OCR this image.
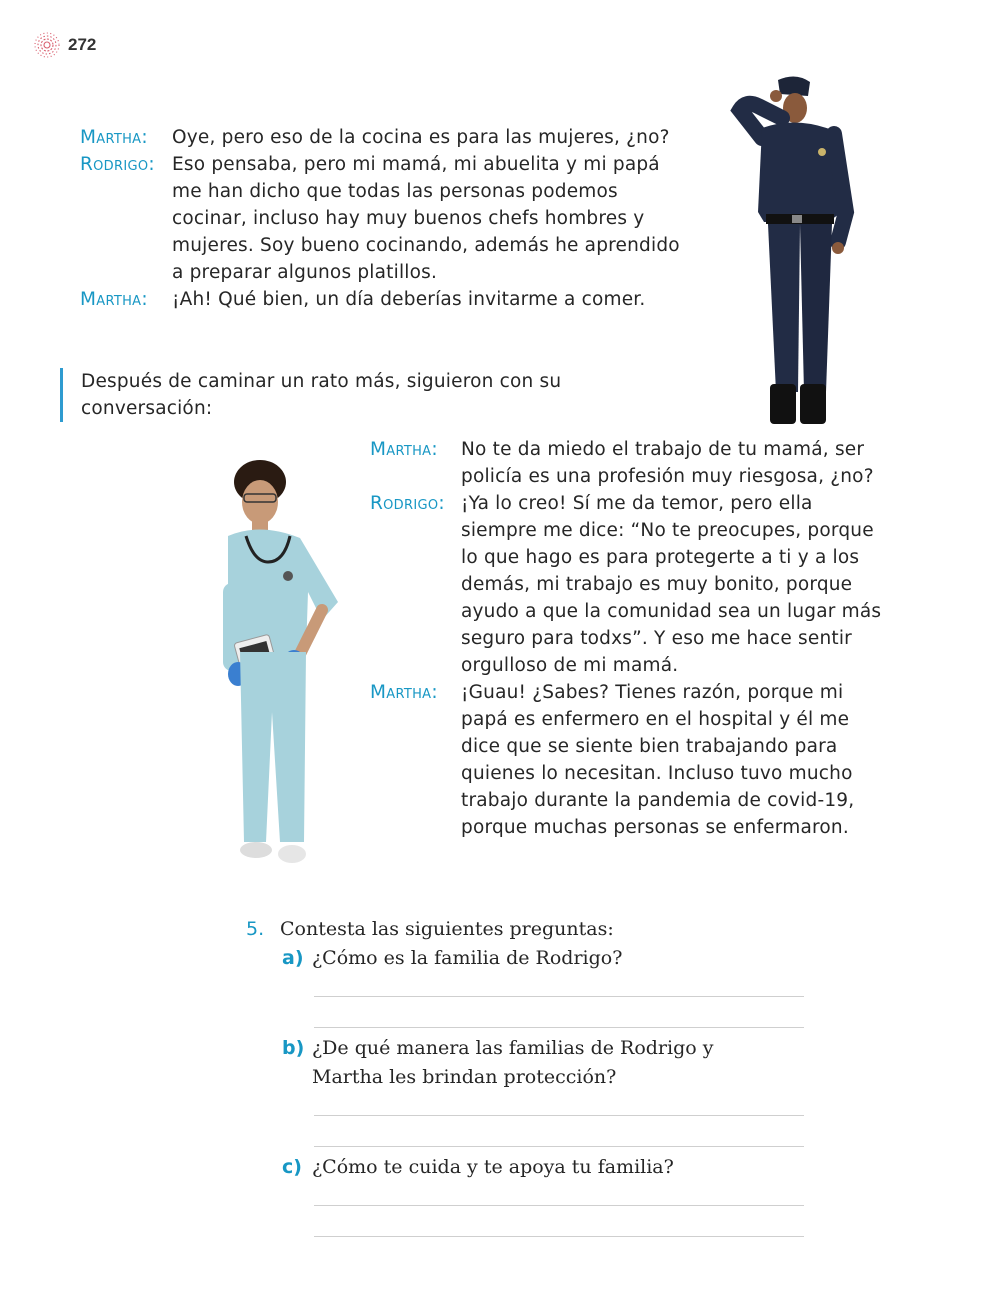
272
Martha:	Oye, pero eso de la cocina es para las mujeres, ¿no?
Rodrigo: Eso pensaba, pero mi mamá, mi abuelita y mi papá me han dicho que todas las personas podemos cocinar, incluso hay muy buenos chefs hombres y mujeres. Soy bueno cocinando, además he aprendido a preparar algunos platillos.
Martha:	¡Ah! Qué bien, un día deberías invitarme a comer.
Después de caminar un rato más, siguieron con su conversación:
Martha:	No te da miedo el trabajo de tu mamá, ser policía es una profesión muy riesgosa, ¿no?
Rodrigo: ¡Ya lo creo! Sí me da temor, pero ella siempre me dice: “No te preocupes, porque lo que hago es para protegerte a ti y a los demás, mi trabajo es muy bonito, porque ayudo a que la comunidad sea un lugar más seguro para todxs”. Y eso me hace sentir orgulloso de mi mamá.
Martha:	¡Guau! ¿Sabes? Tienes razón, porque mi papá es enfermero en el hospital y él me dice que se siente bien trabajando para quienes lo necesitan. Incluso tuvo mucho trabajo durante la pandemia de covid-19, porque muchas personas se enfermaron.
5. Contesta las siguientes preguntas:
a) ¿Cómo es la familia de Rodrigo?
b) ¿De qué manera las familias de Rodrigo y Martha les brindan protección?
c) ¿Cómo te cuida y te apoya tu familia?
